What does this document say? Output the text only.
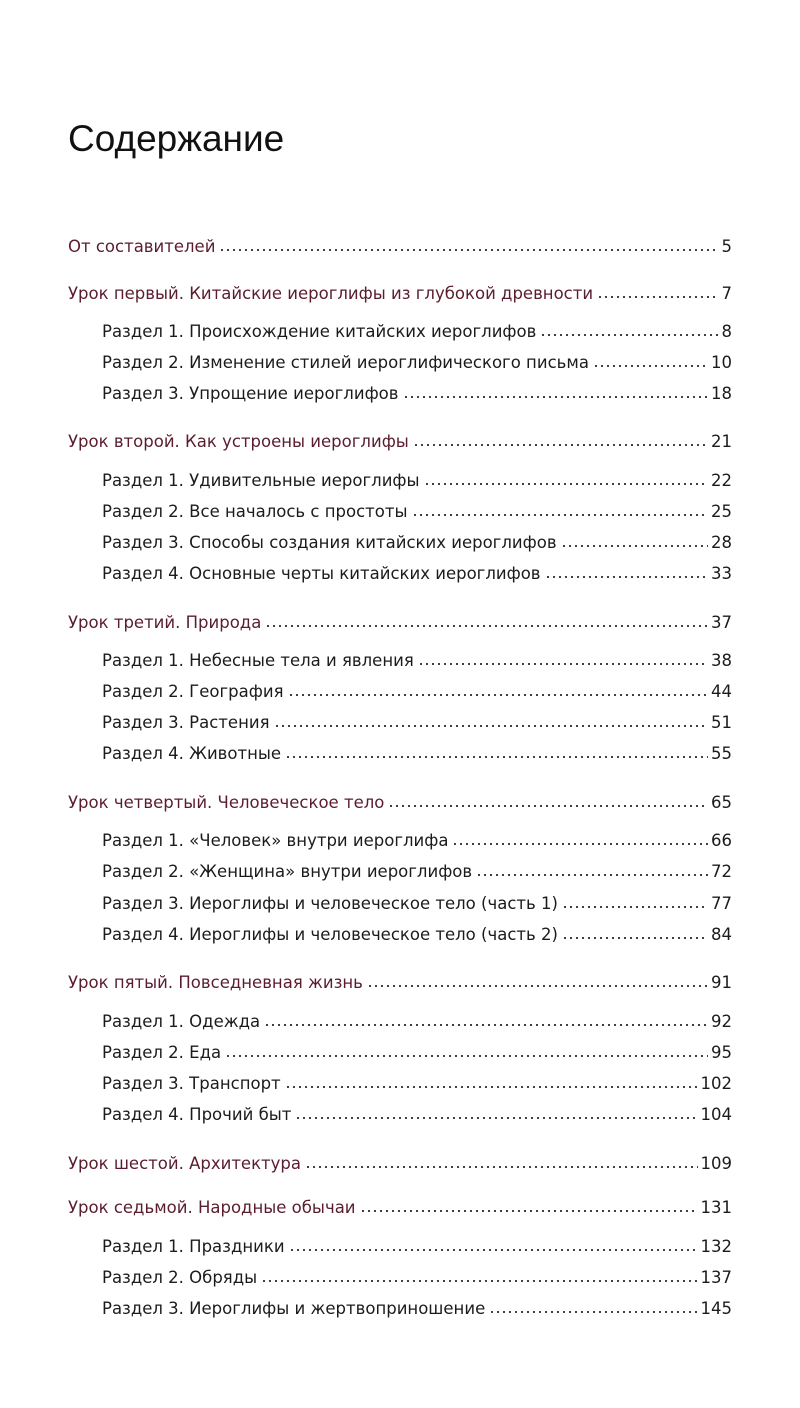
Содержание
От составителей	5
Урок первый. Китайские иероглифы из глубокой древности	7
Раздел 1. Происхождение китайских иероглифов	8
Раздел 2. Изменение стилей иероглифического письма	10
Раздел 3. Упрощение иероглифов	18
Урок второй. Как устроены иероглифы	21
Раздел 1. Удивительные иероглифы	22
Раздел 2. Все началось с простоты	25
Раздел 3. Способы создания китайских иероглифов	28
Раздел 4. Основные черты китайских иероглифов	33
Урок третий. Природа	37
Раздел 1. Небесные тела и явления	38
Раздел 2. География	44
Раздел 3. Растения	51
Раздел 4. Животные	55
Урок четвертый. Человеческое тело	65
Раздел 1. «Человек» внутри иероглифа	66
Раздел 2. «Женщина» внутри иероглифов	72
Раздел 3. Иероглифы и человеческое тело (часть 1)	77
Раздел 4. Иероглифы и человеческое тело (часть 2)	84
Урок пятый. Повседневная жизнь	91
Раздел 1. Одежда	92
Раздел 2. Еда	95
Раздел 3. Транспорт	102
Раздел 4. Прочий быт	104
Урок шестой. Архитектура	109
Урок седьмой. Народные обычаи	131
Раздел 1. Праздники	132
Раздел 2. Обряды	137
Раздел 3. Иероглифы и жертвоприношение	145
